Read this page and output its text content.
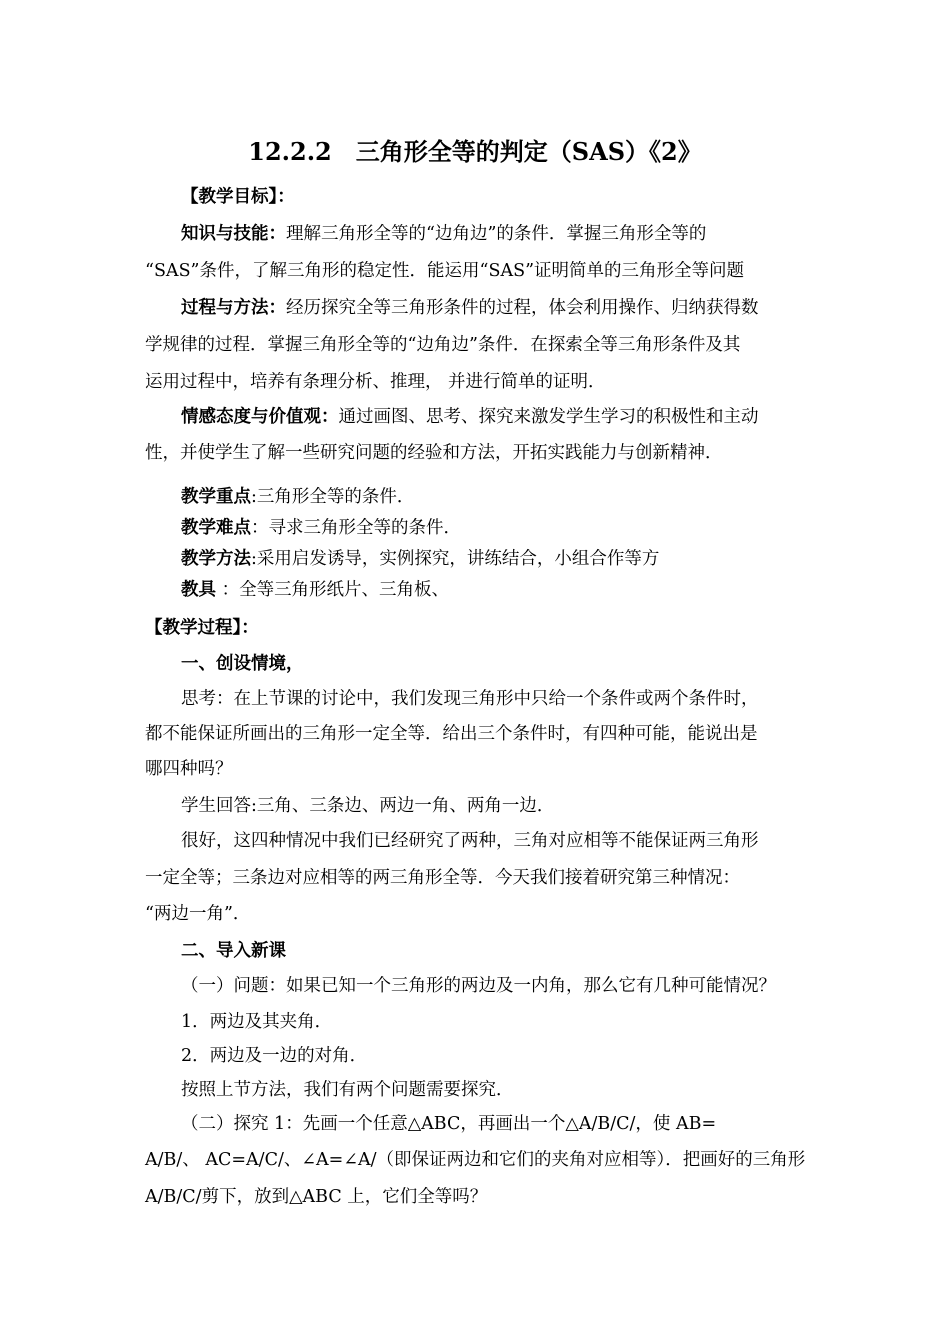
12.2.2　三角形全等的判定（SAS）《2》
【教学目标】：
知识与技能：理解三角形全等的“边角边”的条件．掌握三角形全等的
“SAS”条件，了解三角形的稳定性．能运用“SAS”证明简单的三角形全等问题
过程与方法：经历探究全等三角形条件的过程，体会利用操作、归纳获得数
学规律的过程．掌握三角形全等的“边角边”条件．在探索全等三角形条件及其
运用过程中，培养有条理分析、推理， 并进行简单的证明．
情感态度与价值观：通过画图、思考、探究来激发学生学习的积极性和主动
性，并使学生了解一些研究问题的经验和方法，开拓实践能力与创新精神．
教学重点:三角形全等的条件．
教学难点：寻求三角形全等的条件．
教学方法:采用启发诱导，实例探究，讲练结合，小组合作等方
教具 ：全等三角形纸片、三角板、
【教学过程】：
一、创设情境，
思考：在上节课的讨论中，我们发现三角形中只给一个条件或两个条件时，
都不能保证所画出的三角形一定全等．给出三个条件时，有四种可能，能说出是
哪四种吗？
学生回答:三角、三条边、两边一角、两角一边．
很好，这四种情况中我们已经研究了两种，三角对应相等不能保证两三角形
一定全等；三条边对应相等的两三角形全等．今天我们接着研究第三种情况：
“两边一角”．
二、导入新课
（一）问题：如果已知一个三角形的两边及一内角，那么它有几种可能情况？
1．两边及其夹角．
2．两边及一边的对角．
按照上节方法，我们有两个问题需要探究．
（二）探究 1：先画一个任意△ABC，再画出一个△A/B/C/，使 AB=
A/B/、 AC=A/C/、∠A=∠A/（即保证两边和它们的夹角对应相等）．把画好的三角形
A/B/C/剪下，放到△ABC 上，它们全等吗？
